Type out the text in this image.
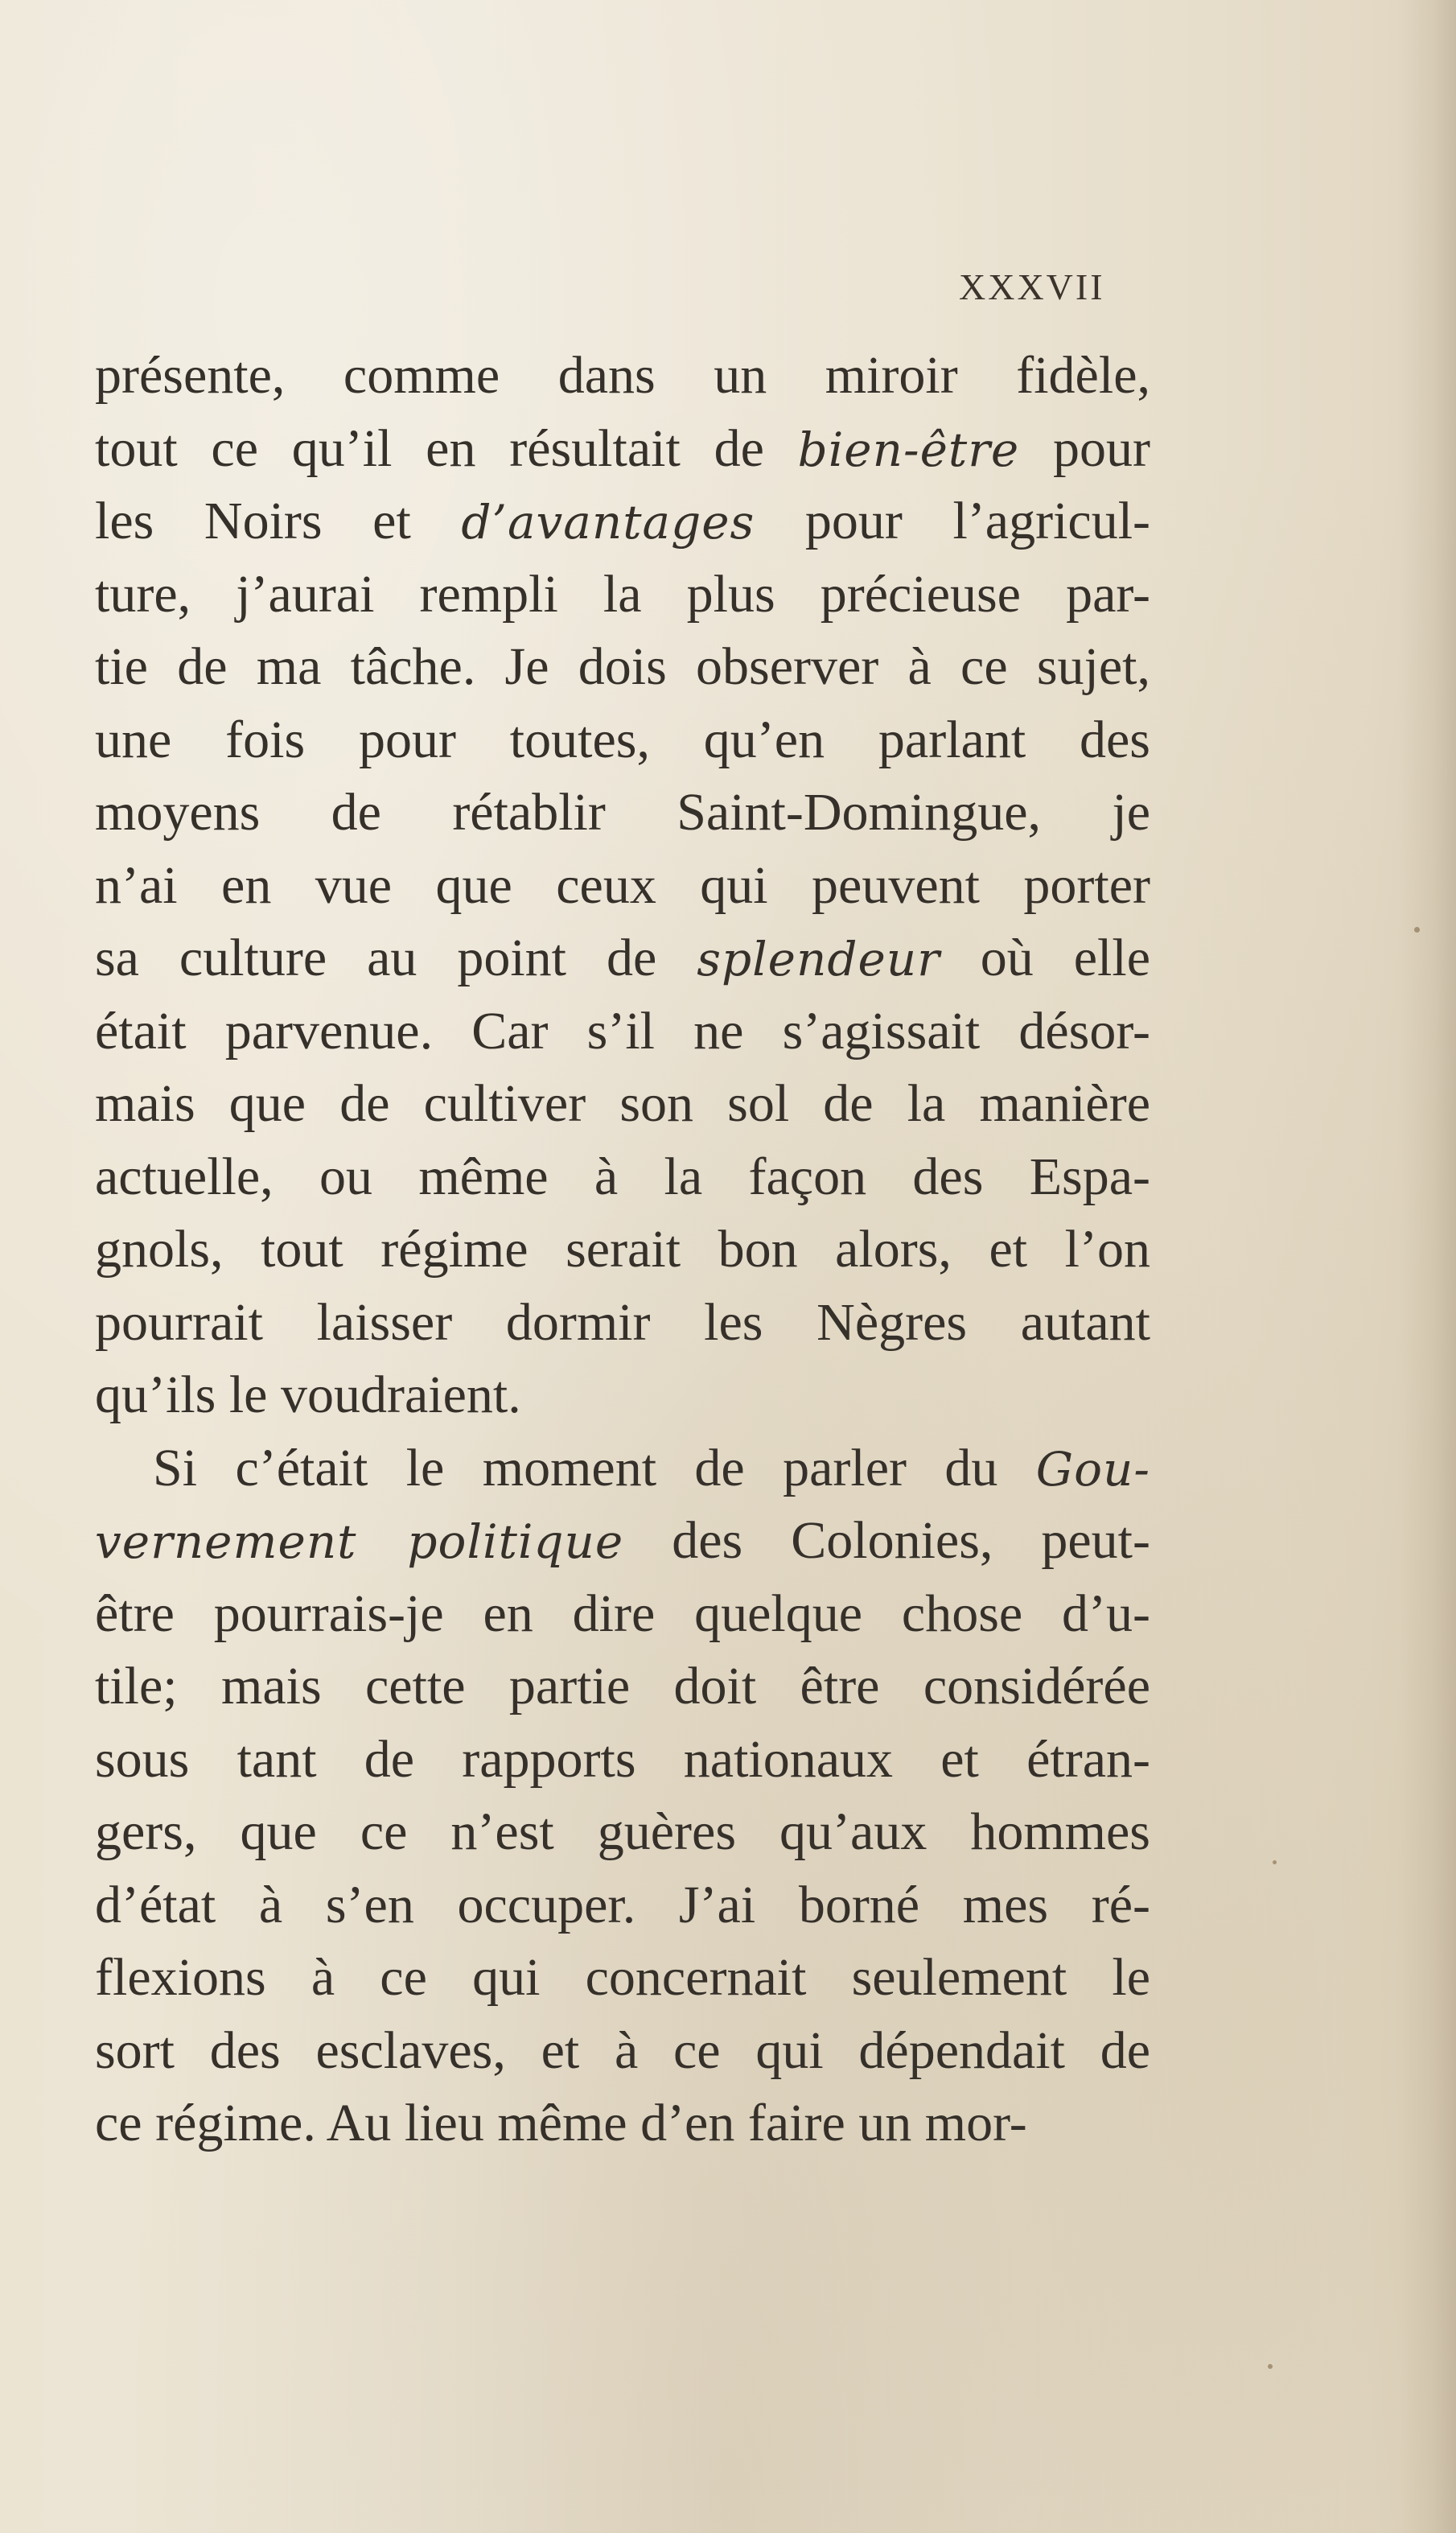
XXXVII
présente, comme dans un miroir fidèle,
tout ce qu’il en résultait de bien-être pour
les Noirs et d’avantages pour l’agricul-
ture, j’aurai rempli la plus précieuse par-
tie de ma tâche. Je dois observer à ce sujet,
une fois pour toutes, qu’en parlant des
moyens de rétablir Saint-Domingue, je
n’ai en vue que ceux qui peuvent porter
sa culture au point de splendeur où elle
était parvenue. Car s’il ne s’agissait désor-
mais que de cultiver son sol de la manière
actuelle, ou même à la façon des Espa-
gnols, tout régime serait bon alors, et l’on
pourrait laisser dormir les Nègres autant
qu’ils le voudraient.
Si c’était le moment de parler du Gou-
vernement politique des Colonies, peut-
être pourrais-je en dire quelque chose d’u-
tile; mais cette partie doit être considérée
sous tant de rapports nationaux et étran-
gers, que ce n’est guères qu’aux hommes
d’état à s’en occuper. J’ai borné mes ré-
flexions à ce qui concernait seulement le
sort des esclaves, et à ce qui dépendait de
ce régime. Au lieu même d’en faire un mor-
